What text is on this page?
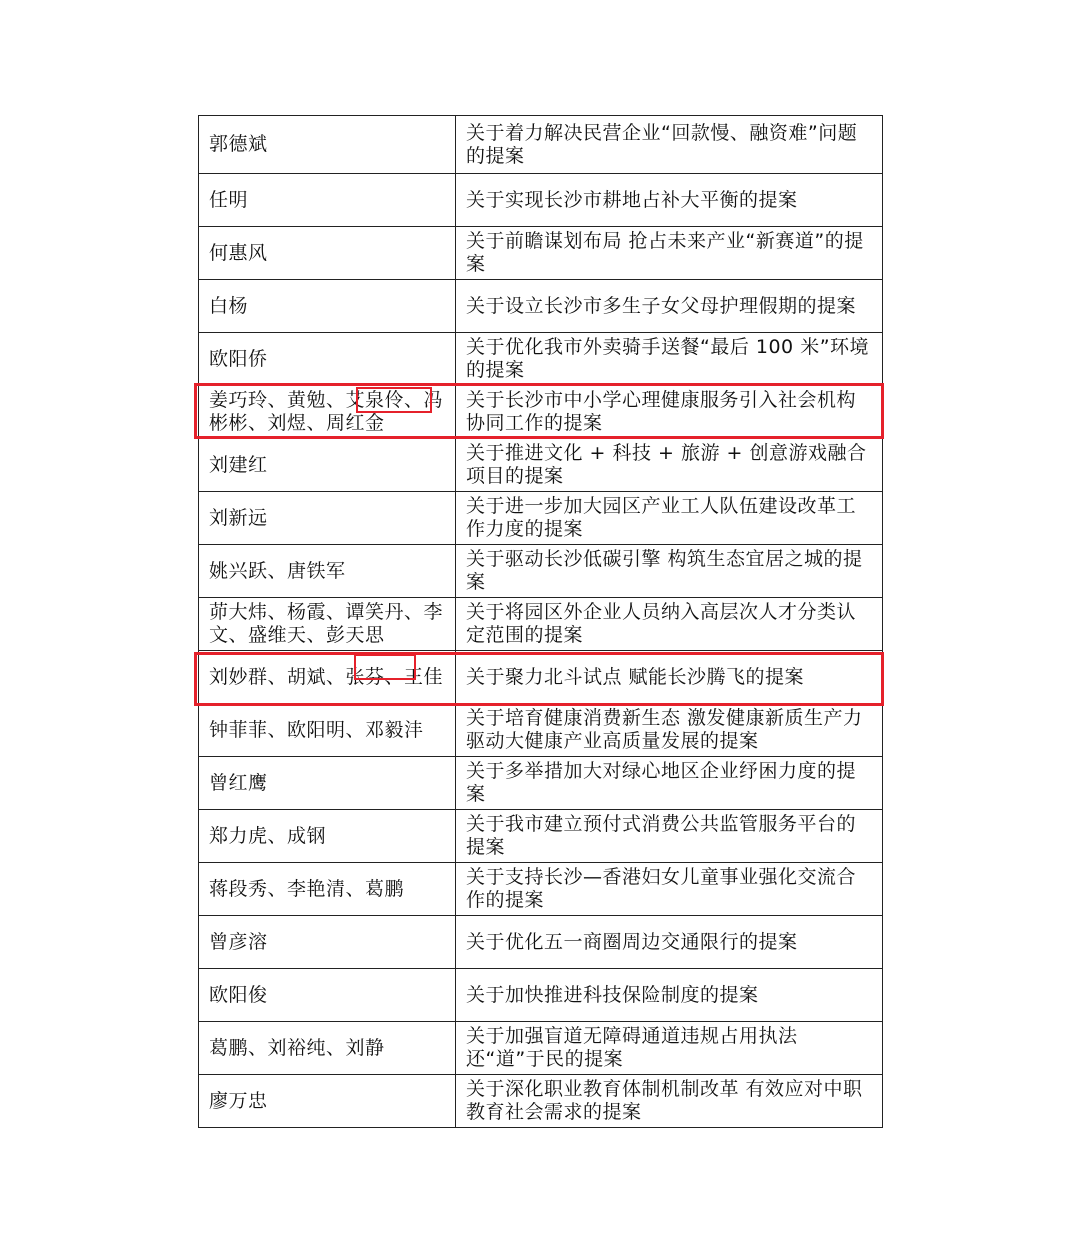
郭德斌	关于着力解决民营企业“回款慢、融资难”问题的提案

任明	关于实现长沙市耕地占补大平衡的提案

何惠风	关于前瞻谋划布局 抢占未来产业“新赛道”的提案

白杨	关于设立长沙市多生子女父母护理假期的提案

欧阳侨	关于优化我市外卖骑手送餐“最后 100 米”环境的提案

姜巧玲、黄勉、艾泉伶、冯彬彬、刘煜、周红金	关于长沙市中小学心理健康服务引入社会机构协同工作的提案

刘建红	关于推进文化 + 科技 + 旅游 + 创意游戏融合项目的提案

刘新远	关于进一步加大园区产业工人队伍建设改革工作力度的提案

姚兴跃、唐铁军	关于驱动长沙低碳引擎 构筑生态宜居之城的提案

茆大炜、杨霞、谭笑丹、李文、盛维天、彭天思	关于将园区外企业人员纳入高层次人才分类认定范围的提案

刘妙群、胡斌、张芬、王佳	关于聚力北斗试点 赋能长沙腾飞的提案

钟菲菲、欧阳明、邓毅沣	关于培育健康消费新生态 激发健康新质生产力 驱动大健康产业高质量发展的提案

曾红鹰	关于多举措加大对绿心地区企业纾困力度的提案

郑力虎、成钢	关于我市建立预付式消费公共监管服务平台的提案

蒋段秀、李艳清、葛鹏	关于支持长沙—香港妇女儿童事业强化交流合作的提案

曾彦溶	关于优化五一商圈周边交通限行的提案

欧阳俊	关于加快推进科技保险制度的提案

葛鹏、刘裕纯、刘静	关于加强盲道无障碍通道违规占用执法 还“道”于民的提案

廖万忠	关于深化职业教育体制机制改革 有效应对中职教育社会需求的提案
